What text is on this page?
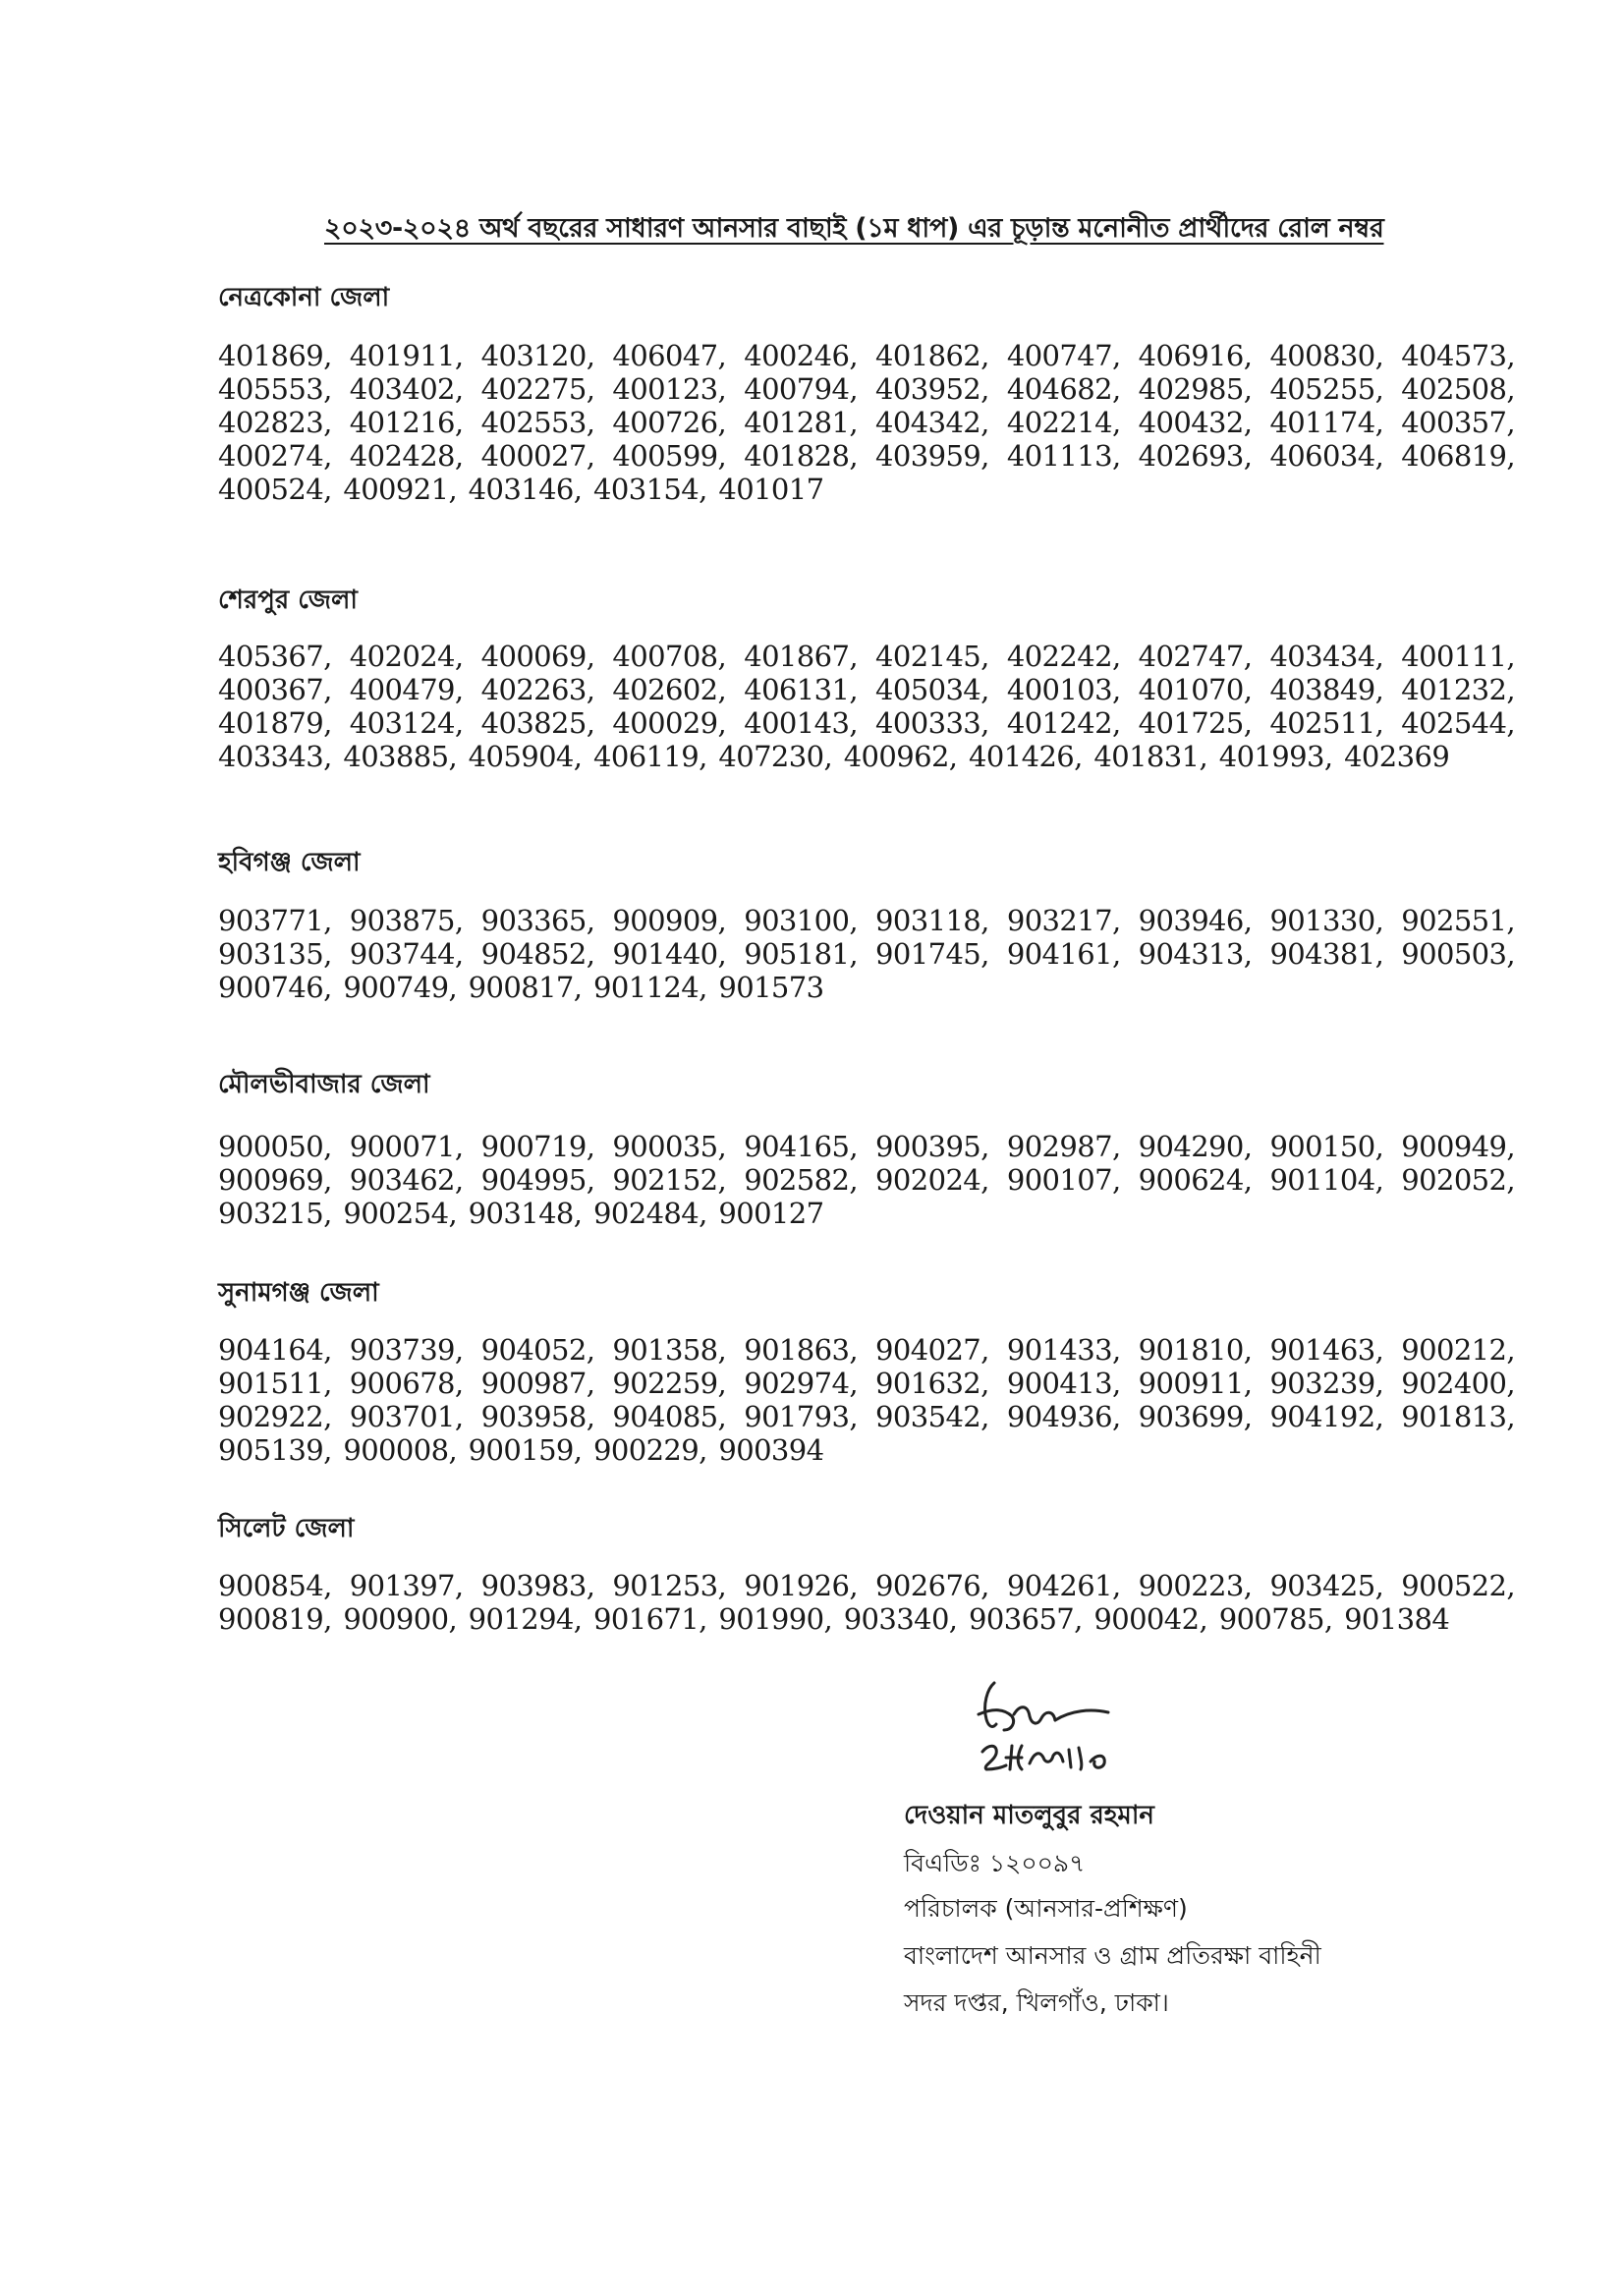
২০২৩-২০২৪ অর্থ বছরের সাধারণ আনসার বাছাই (১ম ধাপ) এর চূড়ান্ত মনোনীত প্রার্থীদের রোল নম্বর
নেত্রকোনা জেলা
401869, 401911, 403120, 406047, 400246, 401862, 400747, 406916, 400830, 404573, 405553, 403402, 402275, 400123, 400794, 403952, 404682, 402985, 405255, 402508, 402823, 401216, 402553, 400726, 401281, 404342, 402214, 400432, 401174, 400357, 400274, 402428, 400027, 400599, 401828, 403959, 401113, 402693, 406034, 406819, 400524, 400921, 403146, 403154, 401017
শেরপুর জেলা
405367, 402024, 400069, 400708, 401867, 402145, 402242, 402747, 403434, 400111, 400367, 400479, 402263, 402602, 406131, 405034, 400103, 401070, 403849, 401232, 401879, 403124, 403825, 400029, 400143, 400333, 401242, 401725, 402511, 402544, 403343, 403885, 405904, 406119, 407230, 400962, 401426, 401831, 401993, 402369
হবিগঞ্জ জেলা
903771, 903875, 903365, 900909, 903100, 903118, 903217, 903946, 901330, 902551, 903135, 903744, 904852, 901440, 905181, 901745, 904161, 904313, 904381, 900503, 900746, 900749, 900817, 901124, 901573
মৌলভীবাজার জেলা
900050, 900071, 900719, 900035, 904165, 900395, 902987, 904290, 900150, 900949, 900969, 903462, 904995, 902152, 902582, 902024, 900107, 900624, 901104, 902052, 903215, 900254, 903148, 902484, 900127
সুনামগঞ্জ জেলা
904164, 903739, 904052, 901358, 901863, 904027, 901433, 901810, 901463, 900212, 901511, 900678, 900987, 902259, 902974, 901632, 900413, 900911, 903239, 902400, 902922, 903701, 903958, 904085, 901793, 903542, 904936, 903699, 904192, 901813, 905139, 900008, 900159, 900229, 900394
সিলেট জেলা
900854, 901397, 903983, 901253, 901926, 902676, 904261, 900223, 903425, 900522, 900819, 900900, 901294, 901671, 901990, 903340, 903657, 900042, 900785, 901384
দেওয়ান মাতলুবুর রহমান
বিএডিঃ ১২০০৯৭
পরিচালক (আনসার-প্রশিক্ষণ)
বাংলাদেশ আনসার ও গ্রাম প্রতিরক্ষা বাহিনী
সদর দপ্তর, খিলগাঁও, ঢাকা।
